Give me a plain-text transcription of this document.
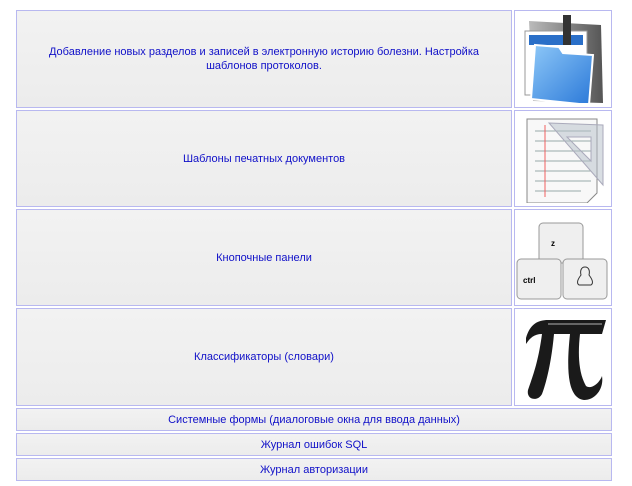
Добавление новых разделов и записей в электронную историю болезни. Настройка шаблонов протоколов.
Шаблоны печатных документов
Кнопочные панели
z
ctrl
Классификаторы (словари)
Системные формы (диалоговые окна для ввода данных)
Журнал ошибок SQL
Журнал авторизации
